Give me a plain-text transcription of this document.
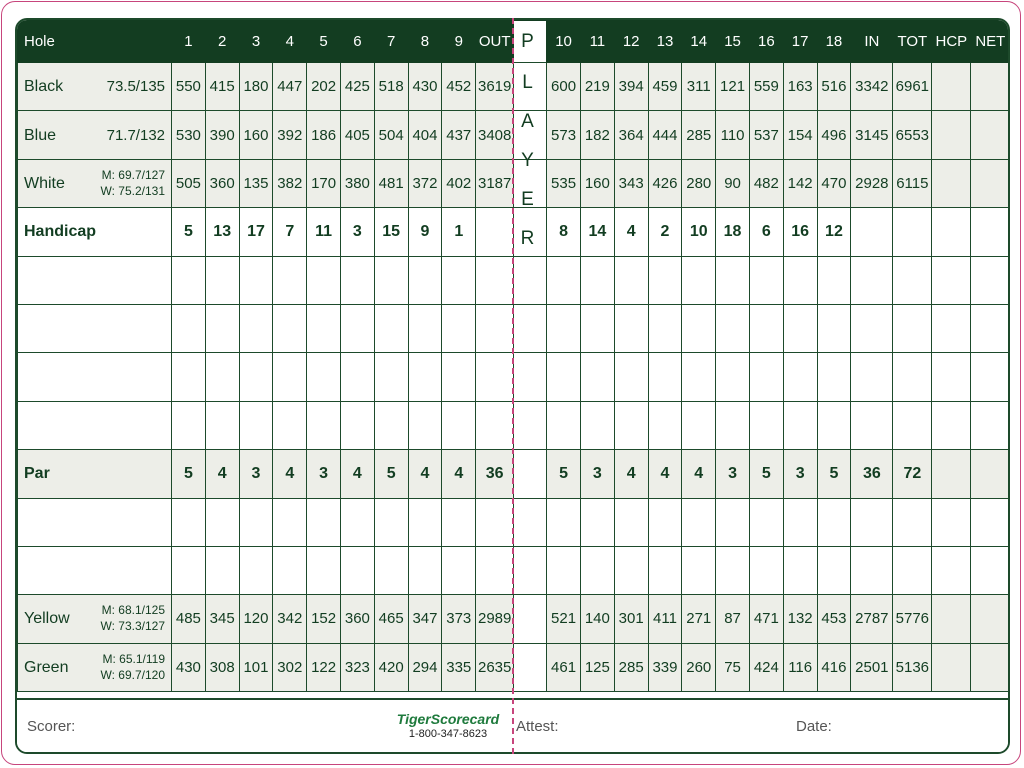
Hole	1	2	3	4	5	6	7	8	9	OUT		10	11	12	13	14	15	16	17	18	IN	TOT	HCP	NET

Black 73.5/135	550	415	180	447	202	425	518	430	452	3619		600	219	394	459	311	121	559	163	516	3342	6961		

Blue 71.7/132	530	390	160	392	186	405	504	404	437	3408		573	182	364	444	285	110	537	154	496	3145	6553		

White M: 69.7/127
W: 75.2/131	505	360	135	382	170	380	481	372	402	3187		535	160	343	426	280	90	482	142	470	2928	6115		
Handicap	5	13	17	7	11	3	15	9	1			8	14	4	2	10	18	6	16	12				

Par	5	4	3	4	3	4	5	4	4	36		5	3	4	4	4	3	5	3	5	36	72		

Yellow M: 68.1/125
W: 73.3/127	485	345	120	342	152	360	465	347	373	2989		521	140	301	411	271	87	471	132	453	2787	5776		

Green M: 65.1/119
W: 69.7/120	430	308	101	302	122	323	420	294	335	2635		461	125	285	339	260	75	424	116	416	2501	5136		
Scorer:	TigerScorecard
1-800-347-8623	Attest:	Date:
P
L
A
Y
E
R
